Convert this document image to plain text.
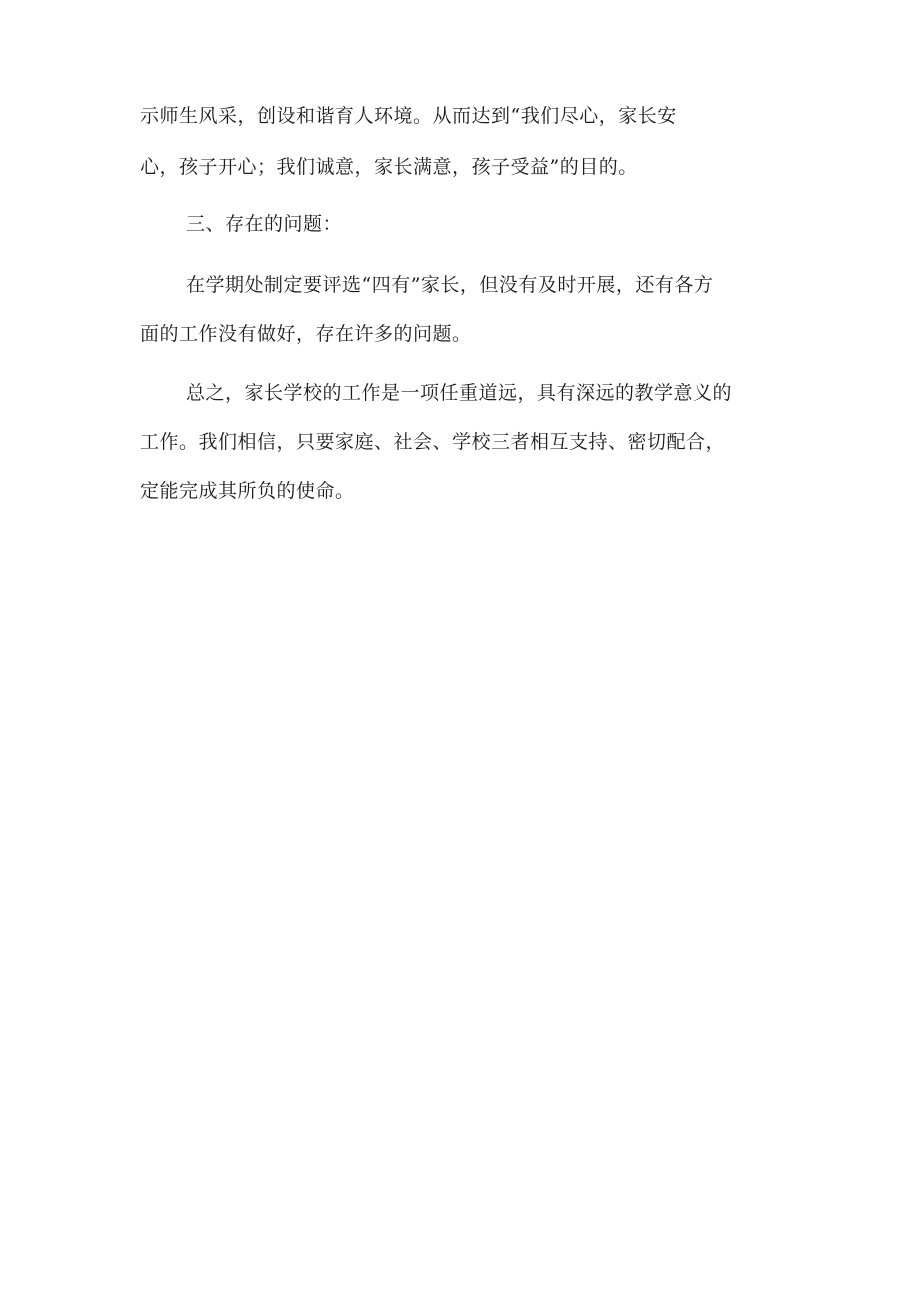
示师生风采，创设和谐育人环境。从而达到“我们尽心，家长安

心，孩子开心；我们诚意，家长满意，孩子受益”的目的。

三、存在的问题：

在学期处制定要评选“四有”家长，但没有及时开展，还有各方

面的工作没有做好，存在许多的问题。

总之，家长学校的工作是一项任重道远，具有深远的教学意义的

工作。我们相信，只要家庭、社会、学校三者相互支持、密切配合，

定能完成其所负的使命。
